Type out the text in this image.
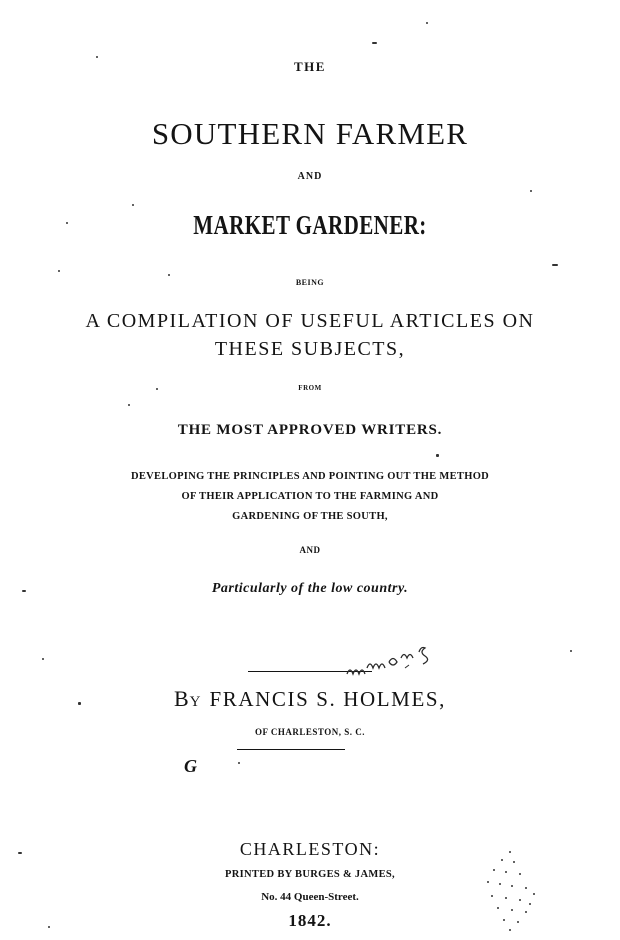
THE
SOUTHERN FARMER
AND
MARKET GARDENER:
BEING
A COMPILATION OF USEFUL ARTICLES ON
THESE SUBJECTS,
FROM
THE MOST APPROVED WRITERS.
DEVELOPING THE PRINCIPLES AND POINTING OUT THE METHOD
OF THEIR APPLICATION TO THE FARMING AND
GARDENING OF THE SOUTH,
AND
Particularly of the low country.
BY FRANCIS S. HOLMES,
OF CHARLESTON, S. C.
G
CHARLESTON:
PRINTED BY BURGES & JAMES,
No. 44 Queen-Street.
1842.
